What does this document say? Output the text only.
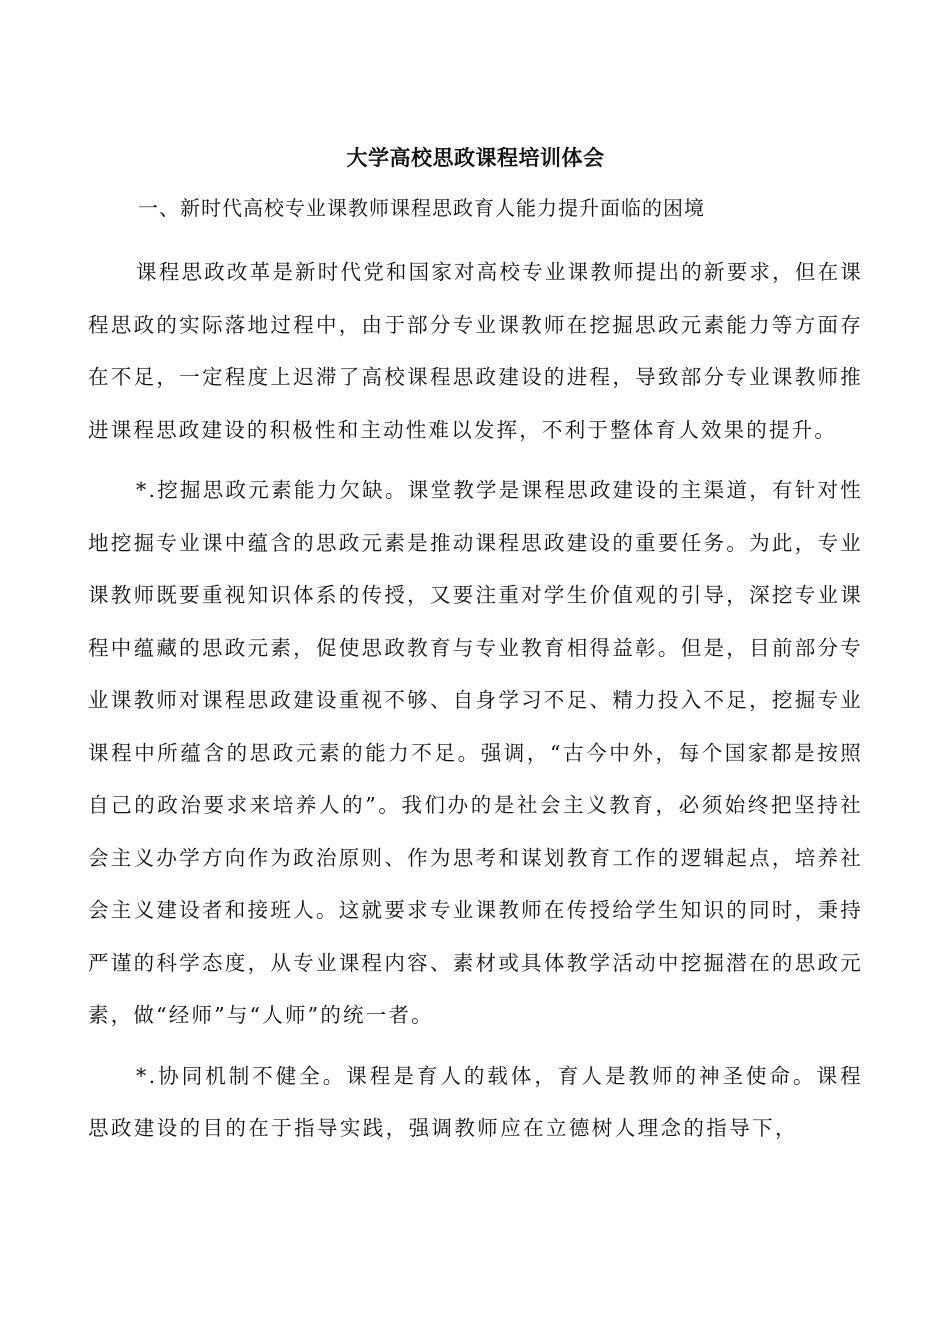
大学高校思政课程培训体会
一、新时代高校专业课教师课程思政育人能力提升面临的困境

课程思政改革是新时代党和国家对高校专业课教师提出的新要求，但在课程思政的实际落地过程中，由于部分专业课教师在挖掘思政元素能力等方面存在不足，一定程度上迟滞了高校课程思政建设的进程，导致部分专业课教师推进课程思政建设的积极性和主动性难以发挥，不利于整体育人效果的提升。

*.挖掘思政元素能力欠缺。课堂教学是课程思政建设的主渠道，有针对性地挖掘专业课中蕴含的思政元素是推动课程思政建设的重要任务。为此，专业课教师既要重视知识体系的传授，又要注重对学生价值观的引导，深挖专业课程中蕴藏的思政元素，促使思政教育与专业教育相得益彰。但是，目前部分专业课教师对课程思政建设重视不够、自身学习不足、精力投入不足，挖掘专业课程中所蕴含的思政元素的能力不足。强调，“古今中外，每个国家都是按照自己的政治要求来培养人的”。我们办的是社会主义教育，必须始终把坚持社会主义办学方向作为政治原则、作为思考和谋划教育工作的逻辑起点，培养社会主义建设者和接班人。这就要求专业课教师在传授给学生知识的同时，秉持严谨的科学态度，从专业课程内容、素材或具体教学活动中挖掘潜在的思政元素，做“经师”与“人师”的统一者。

*.协同机制不健全。课程是育人的载体，育人是教师的神圣使命。课程思政建设的目的在于指导实践，强调教师应在立德树人理念的指导下，
